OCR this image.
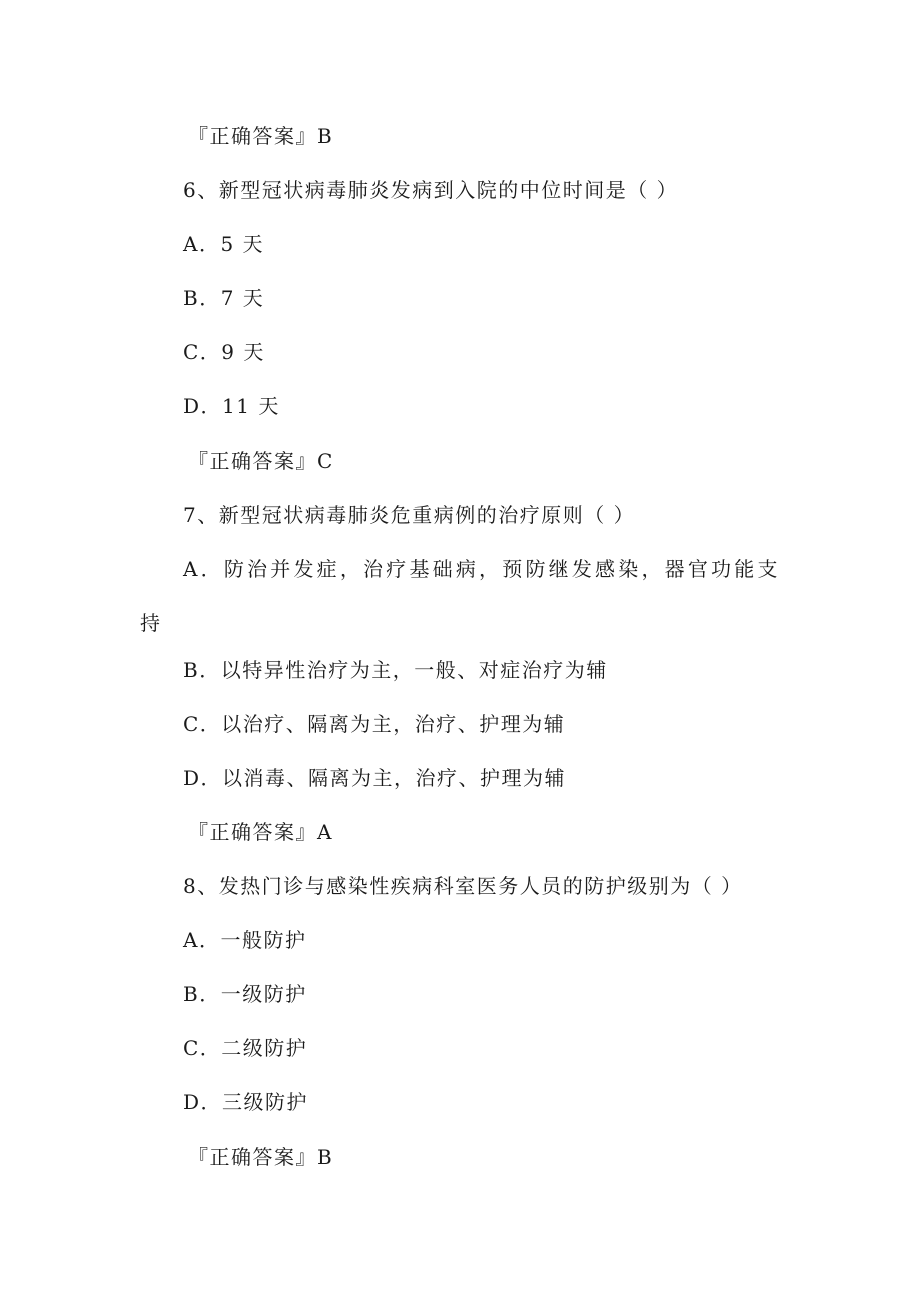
『正确答案』B
6、新型冠状病毒肺炎发病到入院的中位时间是（ ）
A．5 天
B．7 天
C．9 天
D．11 天
『正确答案』C
7、新型冠状病毒肺炎危重病例的治疗原则（ ）
A．防治并发症，治疗基础病，预防继发感染，器官功能支
持
B．以特异性治疗为主，一般、对症治疗为辅
C．以治疗、隔离为主，治疗、护理为辅
D．以消毒、隔离为主，治疗、护理为辅
『正确答案』A
8、发热门诊与感染性疾病科室医务人员的防护级别为（ ）
A．一般防护
B．一级防护
C．二级防护
D．三级防护
『正确答案』B
